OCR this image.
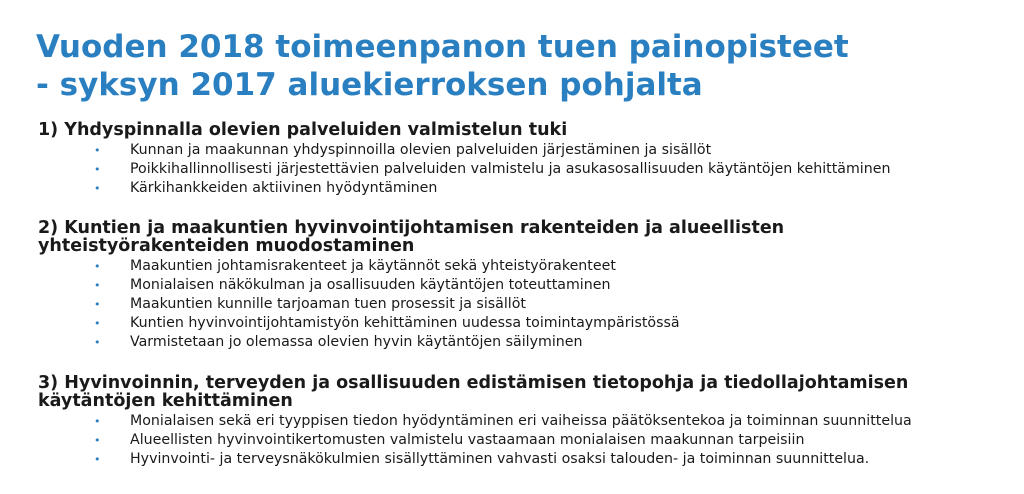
Vuoden 2018 toimeenpanon tuen painopisteet
- syksyn 2017 aluekierroksen pohjalta
1) Yhdyspinnalla olevien palveluiden valmistelun tuki
• Kunnan ja maakunnan yhdyspinnoilla olevien palveluiden järjestäminen ja sisällöt
• Poikkihallinnollisesti järjestettävien palveluiden valmistelu ja asukasosallisuuden käytäntöjen kehittäminen
• Kärkihankkeiden aktiivinen hyödyntäminen
2) Kuntien ja maakuntien hyvinvointijohtamisen rakenteiden ja alueellisten
yhteistyörakenteiden muodostaminen
• Maakuntien johtamisrakenteet ja käytännöt sekä yhteistyörakenteet
• Monialaisen näkökulman ja osallisuuden käytäntöjen toteuttaminen
• Maakuntien kunnille tarjoaman tuen prosessit ja sisällöt
• Kuntien hyvinvointijohtamistyön kehittäminen uudessa toimintaympäristössä
• Varmistetaan jo olemassa olevien hyvin käytäntöjen säilyminen
3) Hyvinvoinnin, terveyden ja osallisuuden edistämisen tietopohja ja tiedollajohtamisen
käytäntöjen kehittäminen
• Monialaisen sekä eri tyyppisen tiedon hyödyntäminen eri vaiheissa päätöksentekoa ja toiminnan suunnittelua
• Alueellisten hyvinvointikertomusten valmistelu vastaamaan monialaisen maakunnan tarpeisiin
• Hyvinvointi- ja terveysnäkökulmien sisällyttäminen vahvasti osaksi talouden- ja toiminnan suunnittelua.
